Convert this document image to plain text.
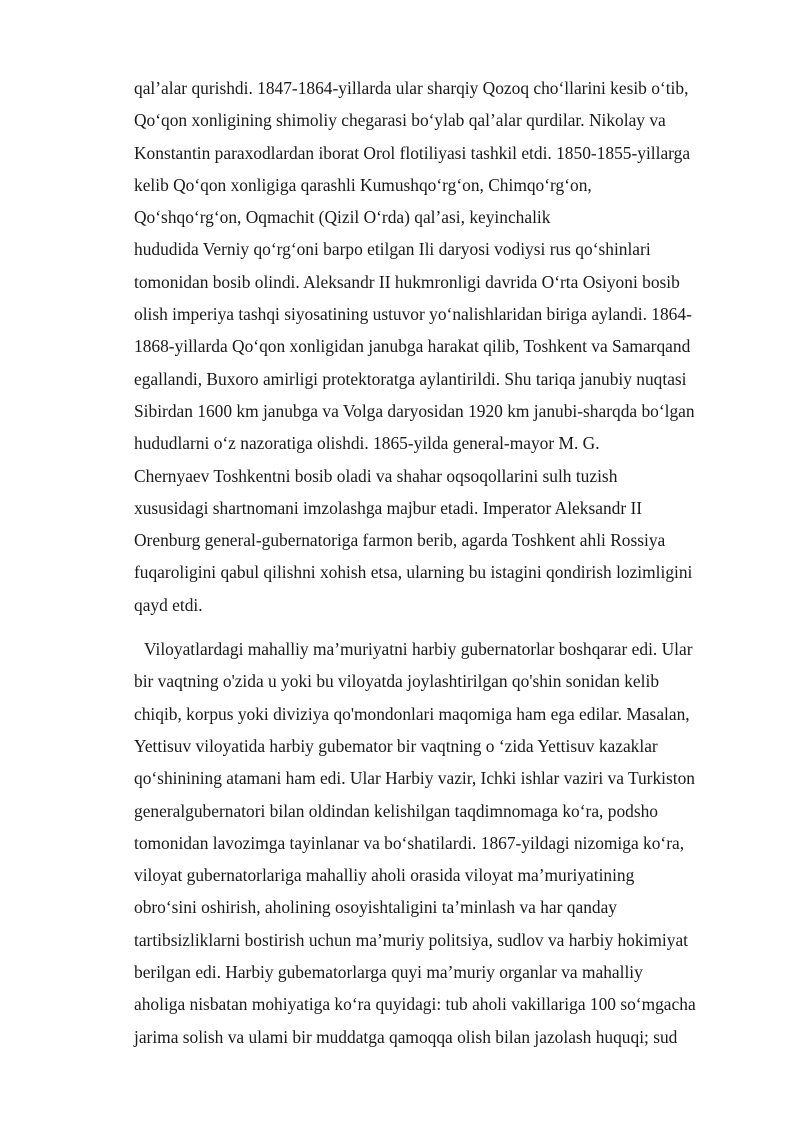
qal’alar qurishdi. 1847-1864-yillarda ular sharqiy Qozoq cho‘llarini kesib o‘tib,
Qo‘qon xonligining shimoliy chegarasi bo‘ylab qal’alar qurdilar. Nikolay va
Konstantin paraxodlardan iborat Orol flotiliyasi tashkil etdi. 1850-1855-yillarga
kelib Qo‘qon xonligiga qarashli Kumushqo‘rg‘on, Chimqo‘rg‘on,
Qo‘shqo‘rg‘on, Oqmachit (Qizil O‘rda) qal’asi, keyinchalik
hududida Verniy qo‘rg‘oni barpo etilgan Ili daryosi vodiysi rus qo‘shinlari
tomonidan bosib olindi. Aleksandr II hukmronligi davrida O‘rta Osiyoni bosib
olish imperiya tashqi siyosatining ustuvor yo‘nalishlaridan biriga aylandi. 1864-
1868-yillarda Qo‘qon xonligidan janubga harakat qilib, Toshkent va Samarqand
egallandi, Buxoro amirligi protektoratga aylantirildi. Shu tariqa janubiy nuqtasi
Sibirdan 1600 km janubga va Volga daryosidan 1920 km janubi-sharqda bo‘lgan
hududlarni o‘z nazoratiga olishdi. 1865-yilda general-mayor M. G.
Chernyaev Toshkentni bosib oladi va shahar oqsoqollarini sulh tuzish
xususidagi shartnomani imzolashga majbur etadi. Imperator Aleksandr II
Orenburg general-gubernatoriga farmon berib, agarda Toshkent ahli Rossiya
fuqaroligini qabul qilishni xohish etsa, ularning bu istagini qondirish lozimligini
qayd etdi.
Viloyatlardagi mahalliy ma’muriyatni harbiy gubernatorlar boshqarar edi. Ular
bir vaqtning o'zida u yoki bu viloyatda joylashtirilgan qo'shin sonidan kelib
chiqib, korpus yoki diviziya qo'mondonlari maqomiga ham ega edilar. Masalan,
Yettisuv viloyatida harbiy gubemator bir vaqtning o ‘zida Yettisuv kazaklar
qo‘shinining atamani ham edi. Ular Harbiy vazir, Ichki ishlar vaziri va Turkiston
generalgubernatori bilan oldindan kelishilgan taqdimnomaga ko‘ra, podsho
tomonidan lavozimga tayinlanar va bo‘shatilardi. 1867-yildagi nizomiga ko‘ra,
viloyat gubernatorlariga mahalliy aholi orasida viloyat ma’muriyatining
obro‘sini oshirish, aholining osoyishtaligini ta’minlash va har qanday
tartibsizliklarni bostirish uchun ma’muriy politsiya, sudlov va harbiy hokimiyat
berilgan edi. Harbiy gubematorlarga quyi ma’muriy organlar va mahalliy
aholiga nisbatan mohiyatiga ko‘ra quyidagi: tub aholi vakillariga 100 so‘mgacha
jarima solish va ulami bir muddatga qamoqqa olish bilan jazolash huquqi; sud
